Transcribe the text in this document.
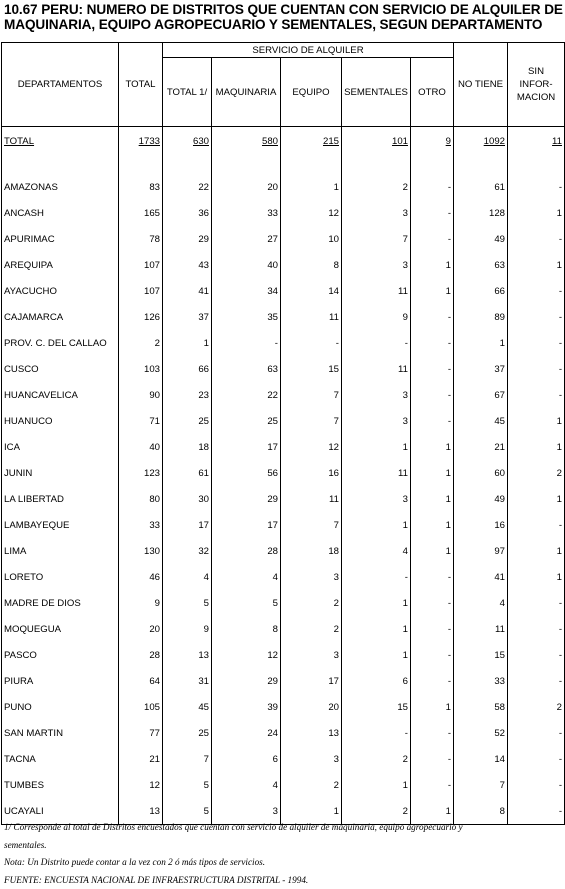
10.67 PERU: NUMERO DE DISTRITOS QUE CUENTAN CON SERVICIO DE ALQUILER DE
MAQUINARIA, EQUIPO AGROPECUARIO Y SEMENTALES, SEGUN DEPARTAMENTO
DEPARTAMENTOS	TOTAL	SERVICIO DE ALQUILER					NO TIENE	SIN
INFOR-
MACION

		TOTAL 1/	MAQUINARIA	EQUIPO	SEMENTALES	OTRO		
TOTAL	1733	630	580	215	101	9	1092	11

AMAZONAS	83	22	20	1	2	-	61	-
ANCASH	165	36	33	12	3	-	128	1
APURIMAC	78	29	27	10	7	-	49	-
AREQUIPA	107	43	40	8	3	1	63	1
AYACUCHO	107	41	34	14	11	1	66	-
CAJAMARCA	126	37	35	11	9	-	89	-
PROV. C. DEL CALLAO	2	1	-	-	-	-	1	-
CUSCO	103	66	63	15	11	-	37	-
HUANCAVELICA	90	23	22	7	3	-	67	-
HUANUCO	71	25	25	7	3	-	45	1
ICA	40	18	17	12	1	1	21	1
JUNIN	123	61	56	16	11	1	60	2
LA LIBERTAD	80	30	29	11	3	1	49	1
LAMBAYEQUE	33	17	17	7	1	1	16	-
LIMA	130	32	28	18	4	1	97	1
LORETO	46	4	4	3	-	-	41	1
MADRE DE DIOS	9	5	5	2	1	-	4	-
MOQUEGUA	20	9	8	2	1	-	11	-
PASCO	28	13	12	3	1	-	15	-
PIURA	64	31	29	17	6	-	33	-
PUNO	105	45	39	20	15	1	58	2
SAN MARTIN	77	25	24	13	-	-	52	-
TACNA	21	7	6	3	2	-	14	-
TUMBES	12	5	4	2	1	-	7	-
UCAYALI	13	5	3	1	2	1	8	-
1/ Corresponde al total de Distritos encuestados que cuentan con servicio de alquiler de maquinaria, equipo agropecuario y
sementales.
Nota: Un Distrito puede contar a la vez con 2 ó más tipos de servicios.
FUENTE: ENCUESTA NACIONAL DE INFRAESTRUCTURA DISTRITAL - 1994.
